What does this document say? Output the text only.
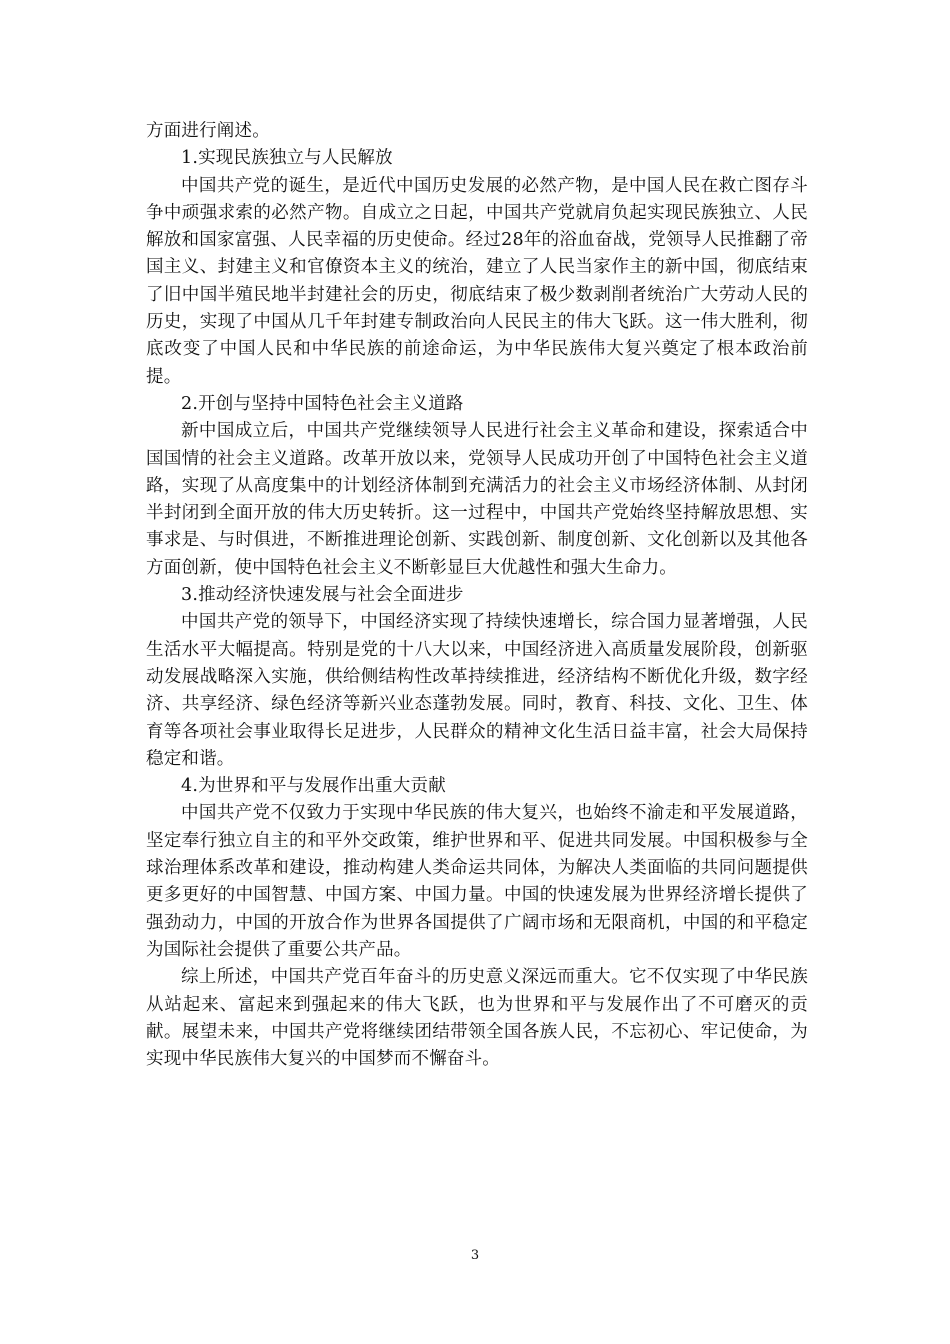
方面进行阐述。

1.实现民族独立与人民解放

中国共产党的诞生，是近代中国历史发展的必然产物，是中国人民在救亡图存斗争中顽强求索的必然产物。自成立之日起，中国共产党就肩负起实现民族独立、人民解放和国家富强、人民幸福的历史使命。经过28年的浴血奋战，党领导人民推翻了帝国主义、封建主义和官僚资本主义的统治，建立了人民当家作主的新中国，彻底结束了旧中国半殖民地半封建社会的历史，彻底结束了极少数剥削者统治广大劳动人民的历史，实现了中国从几千年封建专制政治向人民民主的伟大飞跃。这一伟大胜利，彻底改变了中国人民和中华民族的前途命运，为中华民族伟大复兴奠定了根本政治前提。

2.开创与坚持中国特色社会主义道路

新中国成立后，中国共产党继续领导人民进行社会主义革命和建设，探索适合中国国情的社会主义道路。改革开放以来，党领导人民成功开创了中国特色社会主义道路，实现了从高度集中的计划经济体制到充满活力的社会主义市场经济体制、从封闭半封闭到全面开放的伟大历史转折。这一过程中，中国共产党始终坚持解放思想、实事求是、与时俱进，不断推进理论创新、实践创新、制度创新、文化创新以及其他各方面创新，使中国特色社会主义不断彰显巨大优越性和强大生命力。

3.推动经济快速发展与社会全面进步

中国共产党的领导下，中国经济实现了持续快速增长，综合国力显著增强，人民生活水平大幅提高。特别是党的十八大以来，中国经济进入高质量发展阶段，创新驱动发展战略深入实施，供给侧结构性改革持续推进，经济结构不断优化升级，数字经济、共享经济、绿色经济等新兴业态蓬勃发展。同时，教育、科技、文化、卫生、体育等各项社会事业取得长足进步，人民群众的精神文化生活日益丰富，社会大局保持稳定和谐。

4.为世界和平与发展作出重大贡献

中国共产党不仅致力于实现中华民族的伟大复兴，也始终不渝走和平发展道路，坚定奉行独立自主的和平外交政策，维护世界和平、促进共同发展。中国积极参与全球治理体系改革和建设，推动构建人类命运共同体，为解决人类面临的共同问题提供更多更好的中国智慧、中国方案、中国力量。中国的快速发展为世界经济增长提供了强劲动力，中国的开放合作为世界各国提供了广阔市场和无限商机，中国的和平稳定为国际社会提供了重要公共产品。

综上所述，中国共产党百年奋斗的历史意义深远而重大。它不仅实现了中华民族从站起来、富起来到强起来的伟大飞跃，也为世界和平与发展作出了不可磨灭的贡献。展望未来，中国共产党将继续团结带领全国各族人民，不忘初心、牢记使命，为实现中华民族伟大复兴的中国梦而不懈奋斗。

3
